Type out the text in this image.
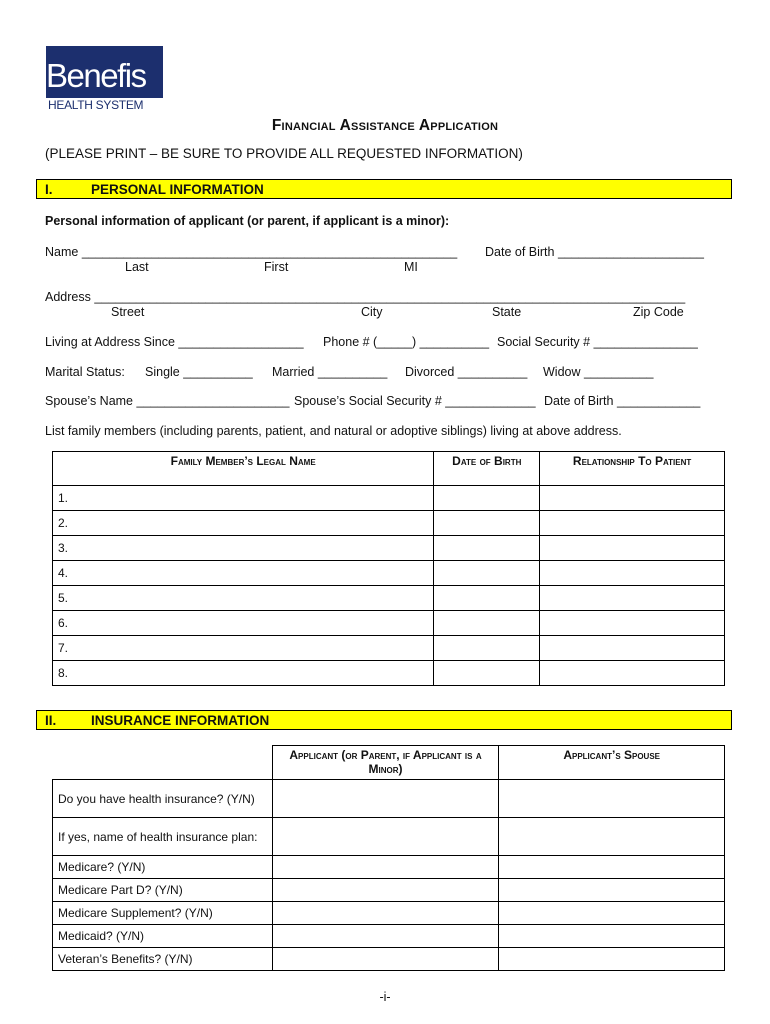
Benefis
HEALTH SYSTEM
Financial Assistance Application
(PLEASE PRINT – BE SURE TO PROVIDE ALL REQUESTED INFORMATION)
I.	PERSONAL INFORMATION
Personal information of applicant (or parent, if applicant is a minor):
Name ______________________________________________________ Date of Birth _____________________
Last	First	MI
Address _____________________________________________________________________________________
Street	City	State	Zip Code
Living at Address Since __________________ Phone # (_____) __________ Social Security # _______________
Marital Status: Single __________ Married __________ Divorced __________ Widow __________
Spouse’s Name ______________________ Spouse’s Social Security # _____________ Date of Birth ____________
List family members (including parents, patient, and natural or adoptive siblings) living at above address.
Family Member’s Legal Name	Date of Birth	Relationship To Patient
1.		
2.		
3.		
4.		
5.		
6.		
7.		
8.		
II.	INSURANCE INFORMATION
	Applicant (or Parent, if Applicant is a Minor)	Applicant’s Spouse
Do you have health insurance? (Y/N)		
If yes, name of health insurance plan:		
Medicare? (Y/N)		
Medicare Part D? (Y/N)		
Medicare Supplement? (Y/N)		
Medicaid? (Y/N)		
Veteran’s Benefits? (Y/N)		
-i-
